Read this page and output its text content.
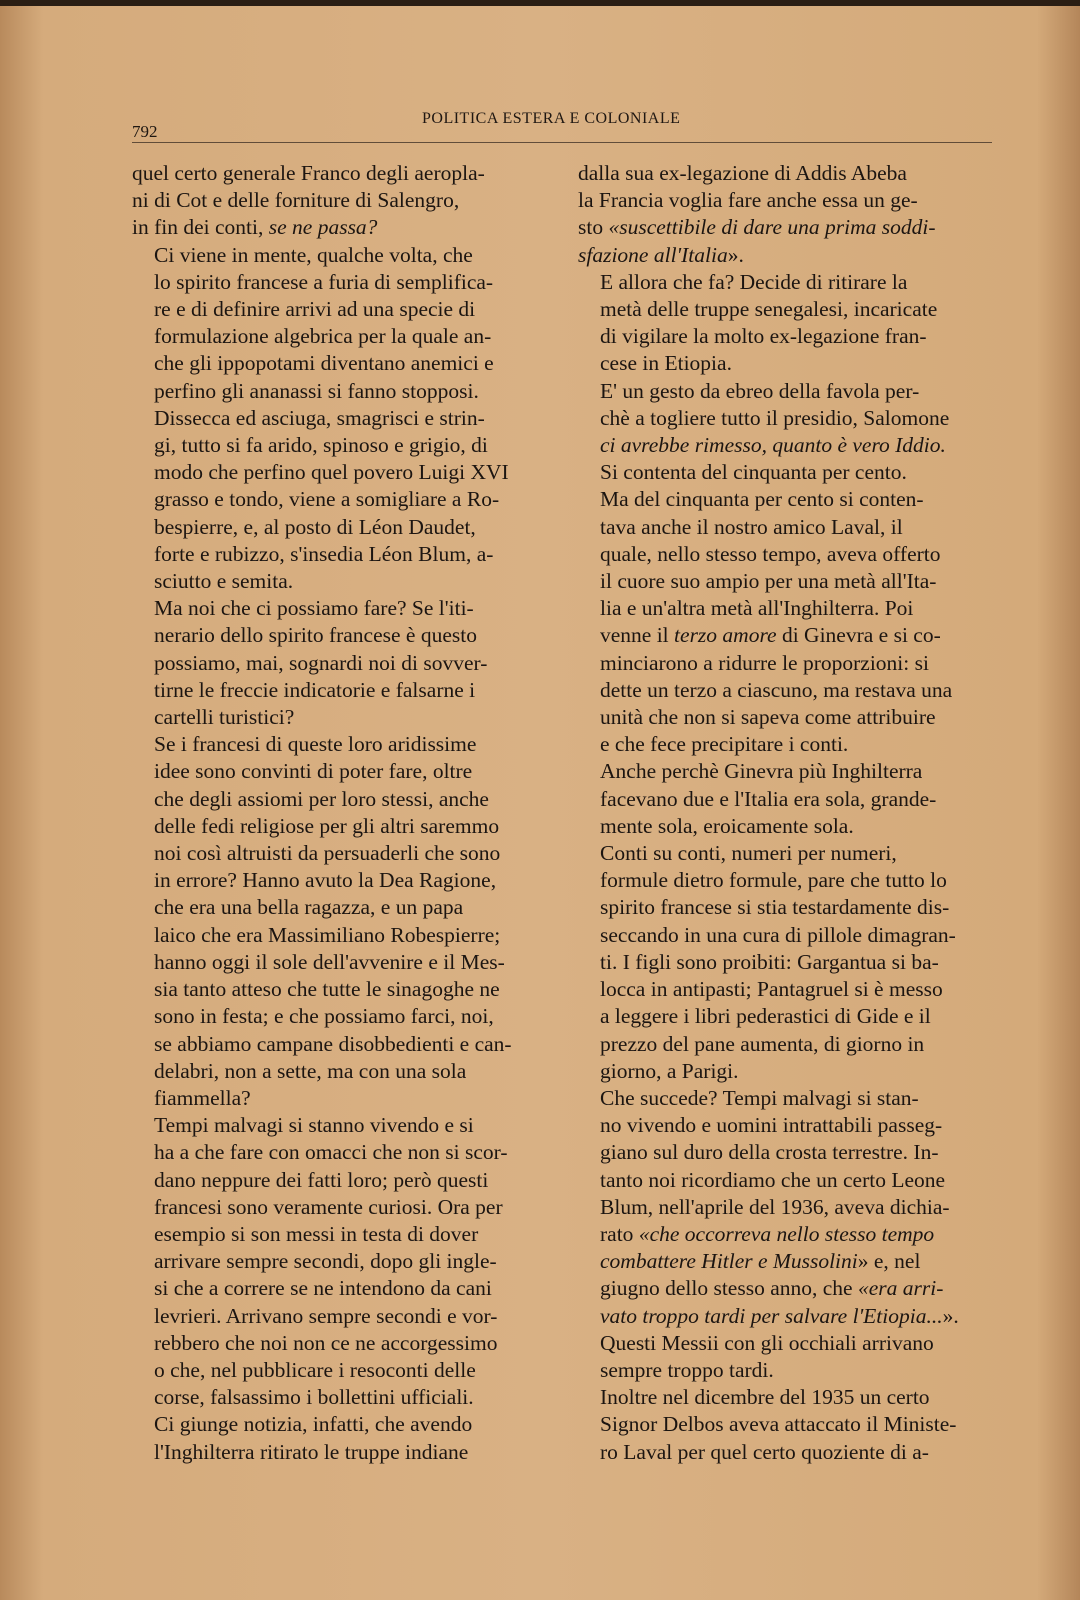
792
POLITICA ESTERA E COLONIALE

quel certo generale Franco degli aeropla-
ni di Cot e delle forniture di Salengro,
in fin dei conti, se ne passa?

Ci viene in mente, qualche volta, che
lo spirito francese a furia di semplifica-
re e di definire arrivi ad una specie di
formulazione algebrica per la quale an-
che gli ippopotami diventano anemici e
perfino gli ananassi si fanno stopposi.

Dissecca ed asciuga, smagrisci e strin-
gi, tutto si fa arido, spinoso e grigio, di
modo che perfino quel povero Luigi XVI
grasso e tondo, viene a somigliare a Ro-
bespierre, e, al posto di Léon Daudet,
forte e rubizzo, s'insedia Léon Blum, a-
sciutto e semita.

Ma noi che ci possiamo fare? Se l'iti-
nerario dello spirito francese è questo
possiamo, mai, sognardi noi di sovver-
tirne le freccie indicatorie e falsarne i
cartelli turistici?

Se i francesi di queste loro aridissime
idee sono convinti di poter fare, oltre
che degli assiomi per loro stessi, anche
delle fedi religiose per gli altri saremmo
noi così altruisti da persuaderli che sono
in errore? Hanno avuto la Dea Ragione,
che era una bella ragazza, e un papa
laico che era Massimiliano Robespierre;
hanno oggi il sole dell'avvenire e il Mes-
sia tanto atteso che tutte le sinagoghe ne
sono in festa; e che possiamo farci, noi,
se abbiamo campane disobbedienti e can-
delabri, non a sette, ma con una sola
fiammella?

Tempi malvagi si stanno vivendo e si
ha a che fare con omacci che non si scor-
dano neppure dei fatti loro; però questi
francesi sono veramente curiosi. Ora per
esempio si son messi in testa di dover
arrivare sempre secondi, dopo gli ingle-
si che a correre se ne intendono da cani
levrieri. Arrivano sempre secondi e vor-
rebbero che noi non ce ne accorgessimo
o che, nel pubblicare i resoconti delle
corse, falsassimo i bollettini ufficiali.

Ci giunge notizia, infatti, che avendo
l'Inghilterra ritirato le truppe indiane

dalla sua ex-legazione di Addis Abeba
la Francia voglia fare anche essa un ge-
sto «suscettibile di dare una prima soddi-
sfazione all'Italia».

E allora che fa? Decide di ritirare la
metà delle truppe senegalesi, incaricate
di vigilare la molto ex-legazione fran-
cese in Etiopia.

E' un gesto da ebreo della favola per-
chè a togliere tutto il presidio, Salomone
ci avrebbe rimesso, quanto è vero Iddio.
Si contenta del cinquanta per cento.

Ma del cinquanta per cento si conten-
tava anche il nostro amico Laval, il
quale, nello stesso tempo, aveva offerto
il cuore suo ampio per una metà all'Ita-
lia e un'altra metà all'Inghilterra. Poi
venne il terzo amore di Ginevra e si co-
minciarono a ridurre le proporzioni: si
dette un terzo a ciascuno, ma restava una
unità che non si sapeva come attribuire
e che fece precipitare i conti.

Anche perchè Ginevra più Inghilterra
facevano due e l'Italia era sola, grande-
mente sola, eroicamente sola.

Conti su conti, numeri per numeri,
formule dietro formule, pare che tutto lo
spirito francese si stia testardamente dis-
seccando in una cura di pillole dimagran-
ti. I figli sono proibiti: Gargantua si ba-
locca in antipasti; Pantagruel si è messo
a leggere i libri pederastici di Gide e il
prezzo del pane aumenta, di giorno in
giorno, a Parigi.

Che succede? Tempi malvagi si stan-
no vivendo e uomini intrattabili passeg-
giano sul duro della crosta terrestre. In-
tanto noi ricordiamo che un certo Leone
Blum, nell'aprile del 1936, aveva dichia-
rato «che occorreva nello stesso tempo
combattere Hitler e Mussolini» e, nel
giugno dello stesso anno, che «era arri-
vato troppo tardi per salvare l'Etiopia...».

Questi Messii con gli occhiali arrivano
sempre troppo tardi.

Inoltre nel dicembre del 1935 un certo
Signor Delbos aveva attaccato il Ministe-
ro Laval per quel certo quoziente di a-
